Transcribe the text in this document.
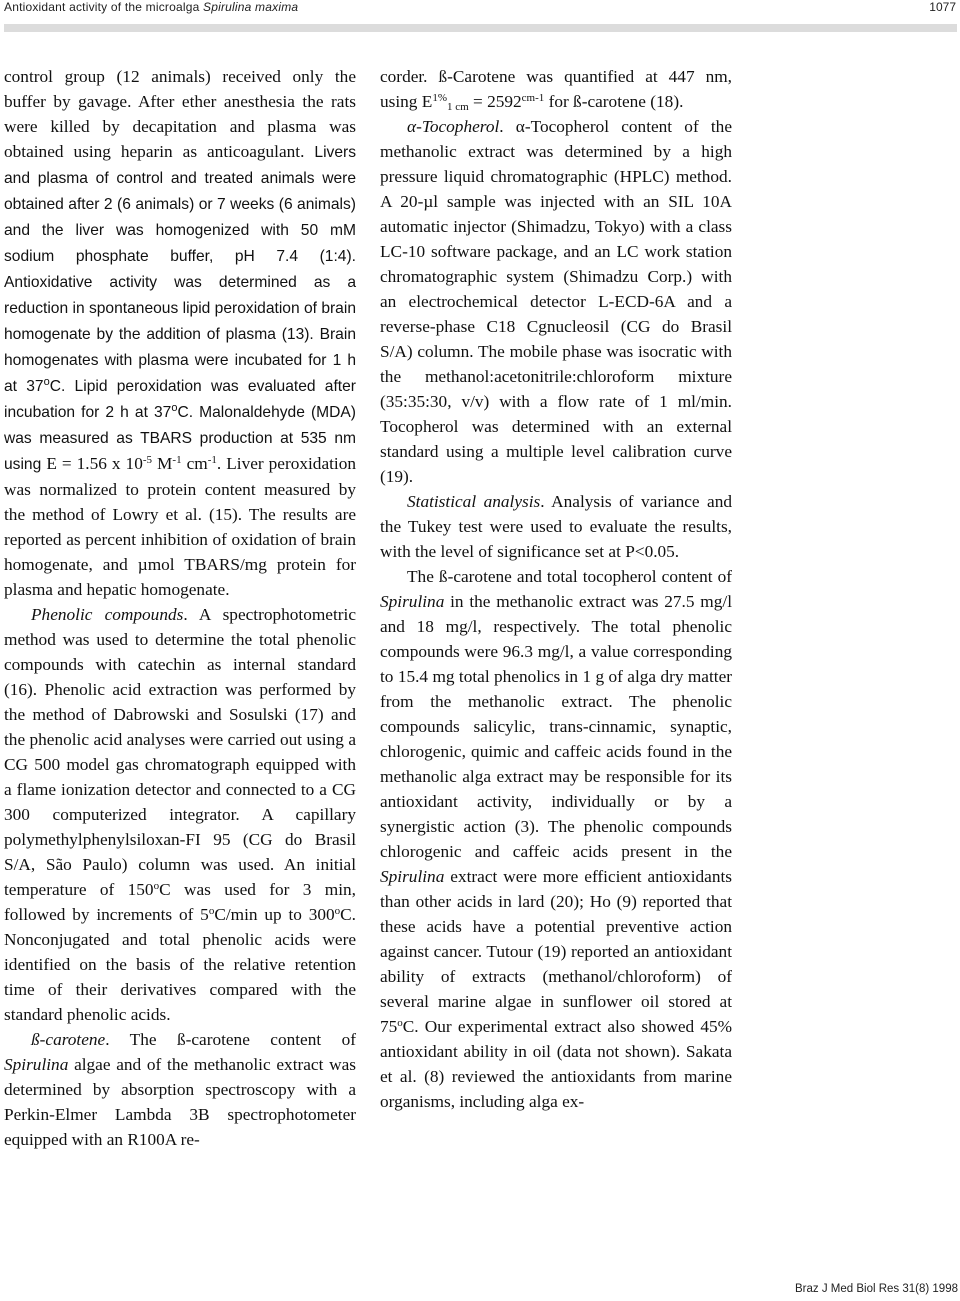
Antioxidant activity of the microalga Spirulina maxima	1077

control group (12 animals) received only the buffer by gavage. After ether anesthesia the rats were killed by decapitation and plasma was obtained using heparin as anticoagulant. Livers and plasma of control and treated animals were obtained after 2 (6 animals) or 7 weeks (6 animals) and the liver was homogenized with 50 mM sodium phosphate buffer, pH 7.4 (1:4). Antioxidative activity was determined as a reduction in spontaneous lipid peroxidation of brain homogenate by the addition of plasma (13). Brain homogenates with plasma were incubated for 1 h at 37$^o$C. Lipid peroxidation was evaluated after incubation for 2 h at 37$^o$C. Malonaldehyde (MDA) was measured as TBARS production at 535 nm using E = 1.56 x $10^{-5}$ $M^{-1}$ $cm^{-1}$. Liver peroxidation was normalized to protein content measured by the method of Lowry et al. (15). The results are reported as percent inhibition of oxidation of brain homogenate, and µmol TBARS/mg protein for plasma and hepatic homogenate.

Phenolic compounds. A spectrophotometric method was used to determine the total phenolic compounds with catechin as internal standard (16). Phenolic acid extraction was performed by the method of Dabrowski and Sosulski (17) and the phenolic acid analyses were carried out using a CG 500 model gas chromatograph equipped with a flame ionization detector and connected to a CG 300 computerized integrator. A capillary polymethylphenylsiloxan-FI 95 (CG do Brasil S/A, São Paulo) column was used. An initial temperature of 150$^o$C was used for 3 min, followed by increments of 5$^o$C/min up to 300$^o$C. Nonconjugated and total phenolic acids were identified on the basis of the relative retention time of their derivatives compared with the standard phenolic acids.

ß-carotene. The ß-carotene content of Spirulina algae and of the methanolic extract was determined by absorption spectroscopy with a Perkin-Elmer Lambda 3B spectrophotometer equipped with an R100A re-

corder. ß-Carotene was quantified at 447 nm, using $E^{1\%}_{1 cm} = 2592^{cm-1}$ for ß-carotene (18).

α-Tocopherol. α-Tocopherol content of the methanolic extract was determined by a high pressure liquid chromatographic (HPLC) method. A 20-µl sample was injected with an SIL 10A automatic injector (Shimadzu, Tokyo) with a class LC-10 software package, and an LC work station chromatographic system (Shimadzu Corp.) with an electrochemical detector L-ECD-6A and a reverse-phase C18 Cgnucleosil (CG do Brasil S/A) column. The mobile phase was isocratic with the methanol:acetonitrile:chloroform mixture (35:35:30, v/v) with a flow rate of 1 ml/min. Tocopherol was determined with an external standard using a multiple level calibration curve (19).

Statistical analysis. Analysis of variance and the Tukey test were used to evaluate the results, with the level of significance set at P<0.05.

The ß-carotene and total tocopherol content of Spirulina in the methanolic extract was 27.5 mg/l and 18 mg/l, respectively. The total phenolic compounds were 96.3 mg/l, a value corresponding to 15.4 mg total phenolics in 1 g of alga dry matter from the methanolic extract. The phenolic compounds salicylic, trans-cinnamic, synaptic, chlorogenic, quimic and caffeic acids found in the methanolic alga extract may be responsible for its antioxidant activity, individually or by a synergistic action (3). The phenolic compounds chlorogenic and caffeic acids present in the Spirulina extract were more efficient antioxidants than other acids in lard (20); Ho (9) reported that these acids have a potential preventive action against cancer. Tutour (19) reported an antioxidant ability of extracts (methanol/chloroform) of several marine algae in sunflower oil stored at 75$^o$C. Our experimental extract also showed 45% antioxidant ability in oil (data not shown). Sakata et al. (8) reviewed the antioxidants from marine organisms, including alga ex-

Braz J Med Biol Res 31(8) 1998
